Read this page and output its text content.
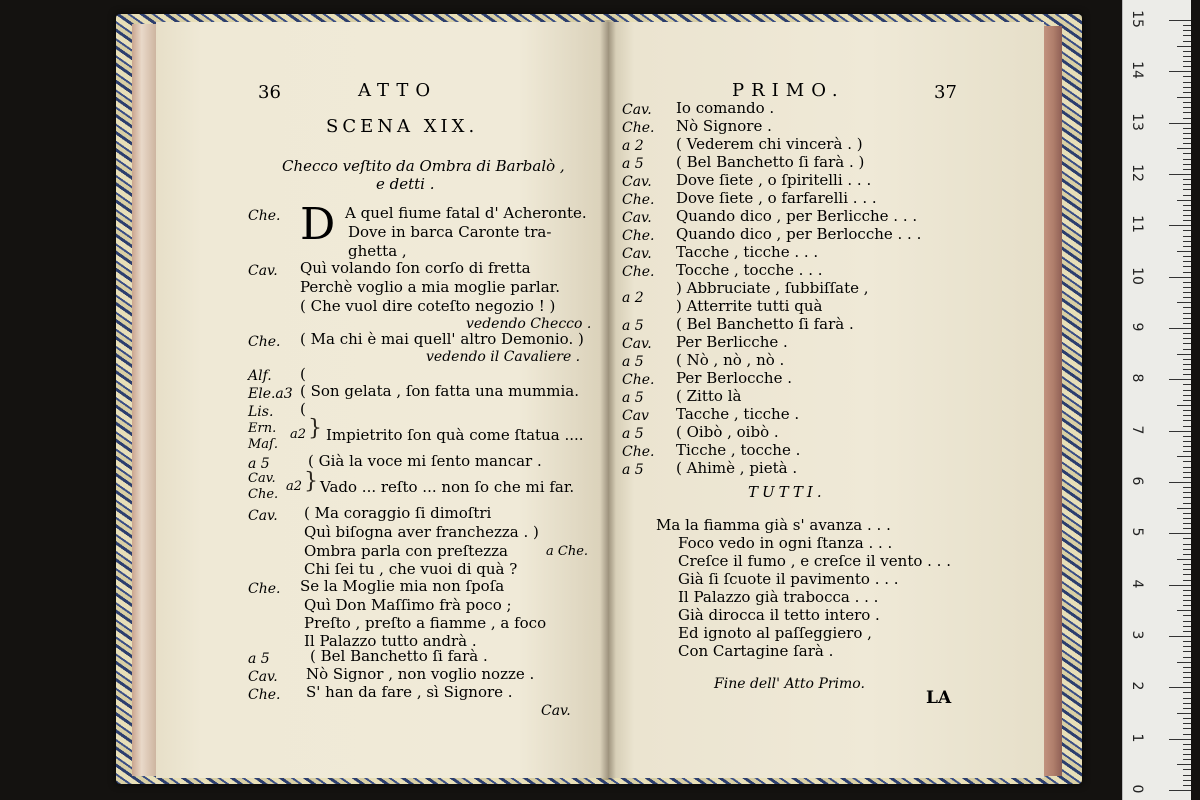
36	ATTO
SCENA XIX.
Checco veſtito da Ombra di Barbalò ,
e detti .
D
Che.	A quel fiume fatal d' Acheronte.
Dove in barca Caronte tra-
ghetta ,
Cav. Quì volando ſon corſo di fretta
Perchè voglio a mia moglie parlar.
( Che vuol dire coteſto negozio ! )
vedendo Checco .
Che. ( Ma chi è mai quell' altro Demonio. )
vedendo il Cavaliere .
Alf. (
Ele.a3 ( Son gelata , ſon fatta una mummia.
Lis. (
Ern.
Maſ.
a2 } Impietrito ſon quà come ſtatua ....
a 5	( Già la voce mi ſento mancar .
Cav.
Che.
a2 } Vado ... reſto ... non ſo che mi far.
Cav. ( Ma coraggio ſi dimoſtri
Quì biſogna aver franchezza . )
Ombra parla con preſtezza	a Che.
Chi ſei tu , che vuoi di quà ?
Che. Se la Moglie mia non ſpoſa
Quì Don Maſſimo frà poco ;
Preſto , preſto a fiamme , a foco
Il Palazzo tutto andrà .
a 5	( Bel Banchetto ſi farà .
Cav. Nò Signor , non voglio nozze .
Che. S' han da fare , sì Signore .
Cav.
PRIMO.	37
Cav. Io comando .
Che. Nò Signore .
a 2 ( Vederem chi vincerà . )
a 5 ( Bel Banchetto ſi farà . )
Cav. Dove ſiete , o ſpiritelli . . .
Che. Dove ſiete , o farfarelli . . .
Cav. Quando dico , per Berlicche . . .
Che. Quando dico , per Berlocche . . .
Cav. Tacche , ticche . . .
Che. Tocche , tocche . . .
) Abbruciate , ſubbiſſate ,
a 2 ) Atterrite tutti quà
a 5 ( Bel Banchetto ſi farà .
Cav. Per Berlicche .
a 5 ( Nò , nò , nò .
Che. Per Berlocche .
a 5 ( Zitto là
Cav Tacche , ticche .
a 5 ( Oibò , oibò .
Che. Ticche , tocche .
a 5 ( Ahimè , pietà .
TUTTI.
Ma la fiamma già s' avanza . . .
Foco vedo in ogni ſtanza . . .
Creſce il fumo , e creſce il vento . . .
Già ſi ſcuote il pavimento . . .
Il Palazzo già trabocca . . .
Già dirocca il tetto intero .
Ed ignoto al paſſeggiero ,
Con Cartagine ſarà .
Fine dell' Atto Primo.
LA
0
1
2
3
4
5
6
7
8
9
10
11
12
13
14
15
